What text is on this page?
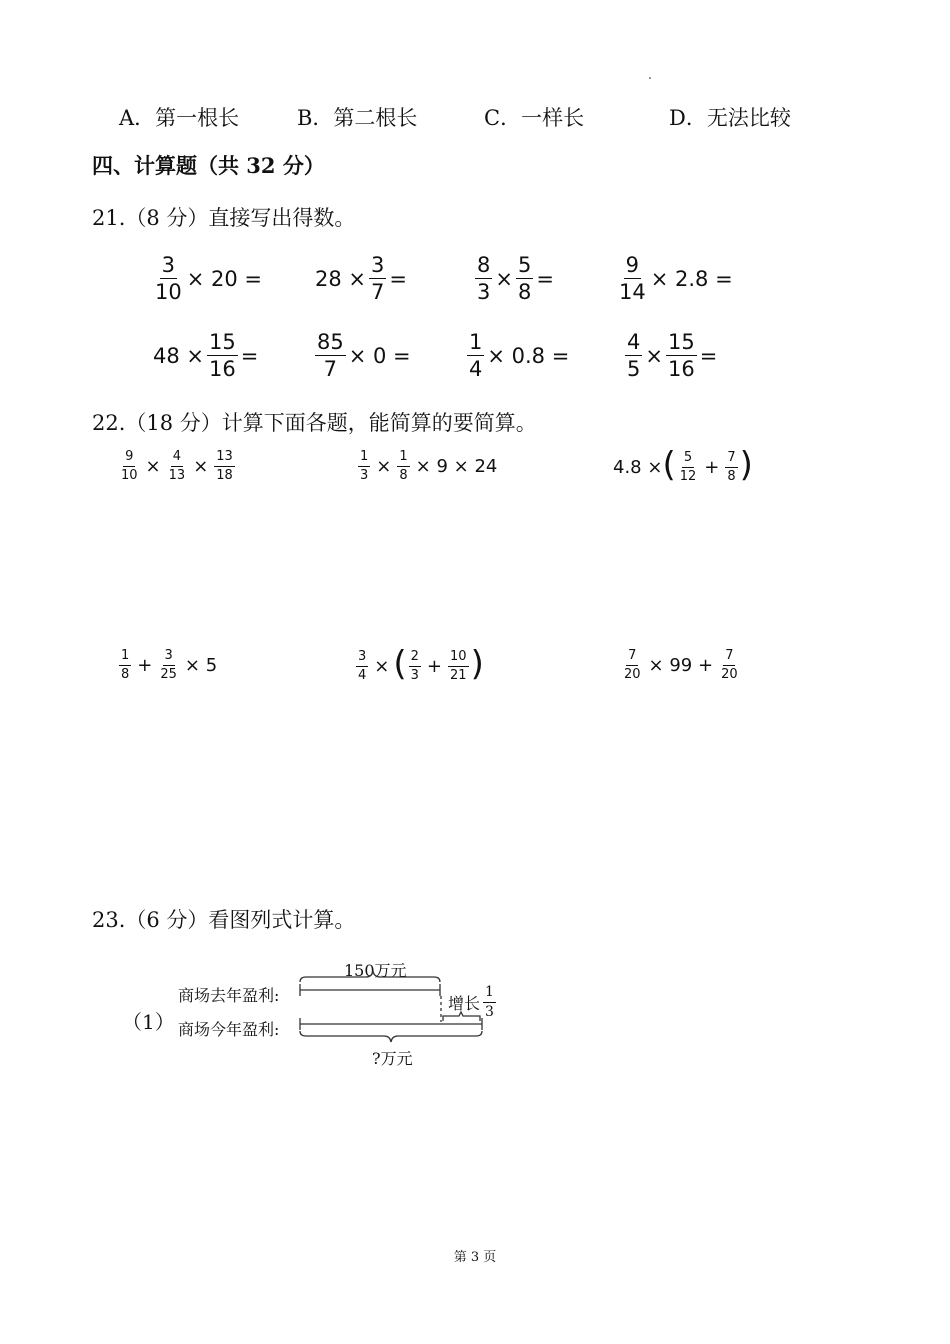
A．第一根长	B．第二根长	C．一样长	D．无法比较
四、计算题（共 32 分）
21.（8 分）直接写出得数。
$\frac{3}{10} \times 20$ =	$28 \times \frac{3}{7}$ =	$\frac{8}{3} \times \frac{5}{8}$ =	$\frac{9}{14} \times 2.8$ =
$48 \times \frac{15}{16}$ =	$\frac{85}{7} \times 0$ =	$\frac{1}{4} \times 0.8$ =	$\frac{4}{5} \times \frac{15}{16}$ =
22.（18 分）计算下面各题，能简算的要简算。
$\frac{9}{10} \times \frac{4}{13} \times \frac{13}{18}$	$\frac{1}{3} \times \frac{1}{8} \times 9 \times 24$	4.8 × ( $\frac{5}{12} + \frac{7}{8}$ )
$\frac{1}{8} + \frac{3}{25} \times 5$	$\frac{3}{4}$ × ( $\frac{2}{3} + \frac{10}{21}$ )	$\frac{7}{20} \times 99 + \frac{7}{20}$
23.（6 分）看图列式计算。
（1）
150万元
商场去年盈利:
商场今年盈利:
增长 $\frac{1}{3}$
?万元
第 3 页
